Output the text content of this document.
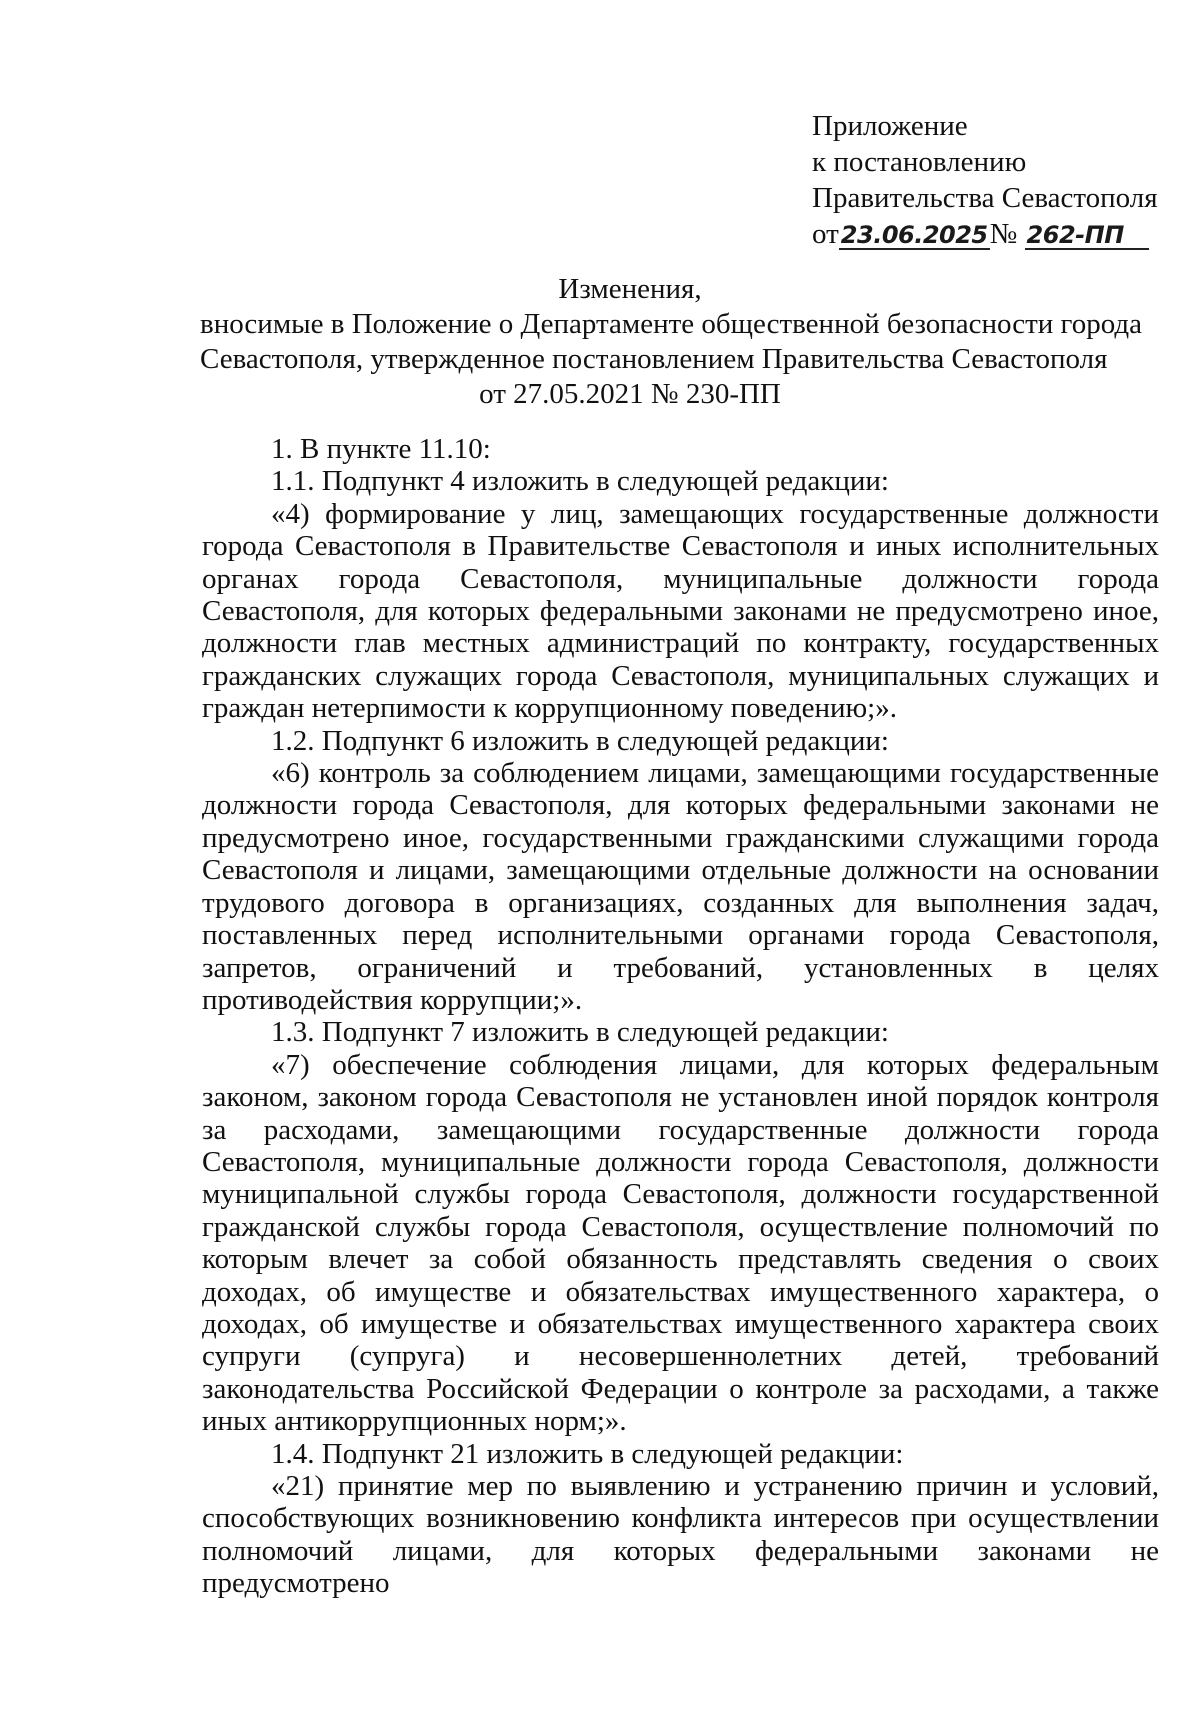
Приложение
к постановлению
Правительства Севастополя
от23.06.2025№ 262-ПП
Изменения,
вносимые в Положение о Департаменте общественной безопасности города
Севастополя, утвержденное постановлением Правительства Севастополя
от 27.05.2021 № 230-ПП

1. В пункте 11.10:

1.1. Подпункт 4 изложить в следующей редакции:

«4) формирование у лиц, замещающих государственные должности города Севастополя в Правительстве Севастополя и иных исполнительных органах города Севастополя, муниципальные должности города Севастополя, для которых федеральными законами не предусмотрено иное, должности глав местных администраций по контракту, государственных гражданских служащих города Севастополя, муниципальных служащих и граждан нетерпимости к коррупционному поведению;».

1.2. Подпункт 6 изложить в следующей редакции:

«6) контроль за соблюдением лицами, замещающими государственные должности города Севастополя, для которых федеральными законами не предусмотрено иное, государственными гражданскими служащими города Севастополя и лицами, замещающими отдельные должности на основании трудового договора в организациях, созданных для выполнения задач, поставленных перед исполнительными органами города Севастополя, запретов, ограничений и требований, установленных в целях противодействия коррупции;».

1.3. Подпункт 7 изложить в следующей редакции:

«7) обеспечение соблюдения лицами, для которых федеральным законом, законом города Севастополя не установлен иной порядок контроля за расходами, замещающими государственные должности города Севастополя, муниципальные должности города Севастополя, должности муниципальной службы города Севастополя, должности государственной гражданской службы города Севастополя, осуществление полномочий по которым влечет за собой обязанность представлять сведения о своих доходах, об имуществе и обязательствах имущественного характера, о доходах, об имуществе и обязательствах имущественного характера своих супруги (супруга) и несовершеннолетних детей, требований законодательства Российской Федерации о контроле за расходами, а также иных антикоррупционных норм;».

1.4. Подпункт 21 изложить в следующей редакции:

«21) принятие мер по выявлению и устранению причин и условий, способствующих возникновению конфликта интересов при осуществлении полномочий лицами, для которых федеральными законами не предусмотрено
